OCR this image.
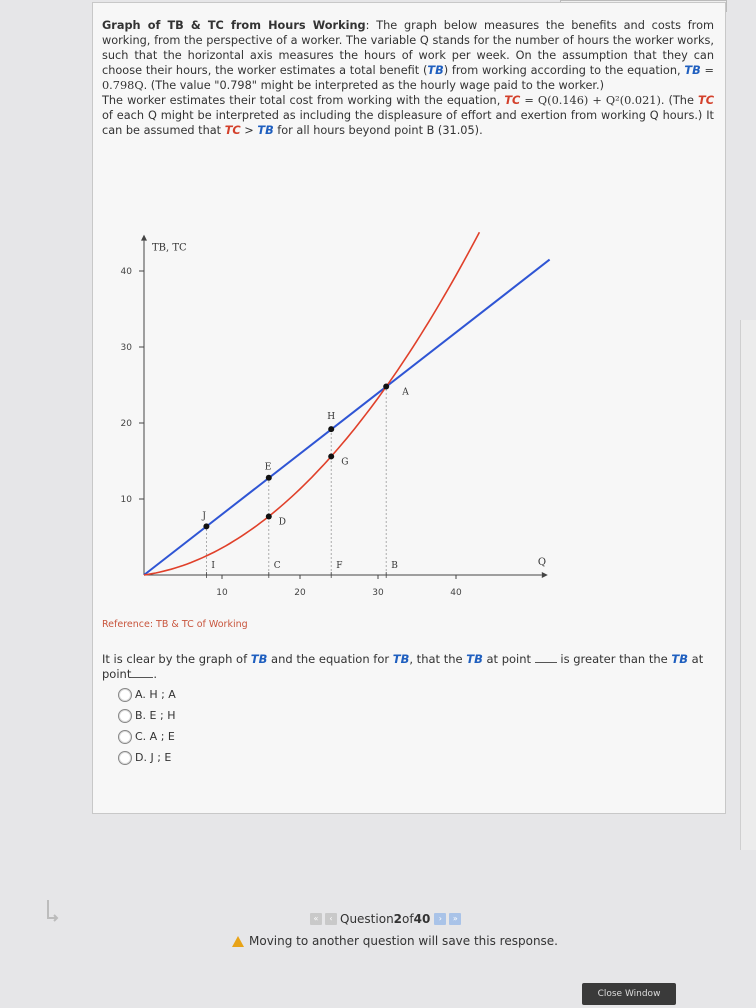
Graph of TB & TC from Hours Working: The graph below measures the benefits and costs from working, from the perspective of a worker. The variable Q stands for the number of hours the worker works, such that the horizontal axis measures the hours of work per week. On the assumption that they can choose their hours, the worker estimates a total benefit (TB) from working according to the equation, TB = 0.798Q. (The value "0.798" might be interpreted as the hourly wage paid to the worker.)
The worker estimates their total cost from working with the equation, TC = Q(0.146) + Q²(0.021). (The TC of each Q might be interpreted as including the displeasure of effort and exertion from working Q hours.) It can be assumed that TC > TB for all hours beyond point B (31.05).
TB, TC
Q
10	20	30	40
10
20
30
40
I	C	F	B
J
D
E
G
H
A
Reference: TB & TC of Working
It is clear by the graph of TB and the equation for TB, that the TB at point  is greater than the TB at point .
A. H ; A
B. E ; H
C. A ; E
D. J ; E
«	‹ Question 2 of 40	›	»
Moving to another question will save this response.
Close Window
